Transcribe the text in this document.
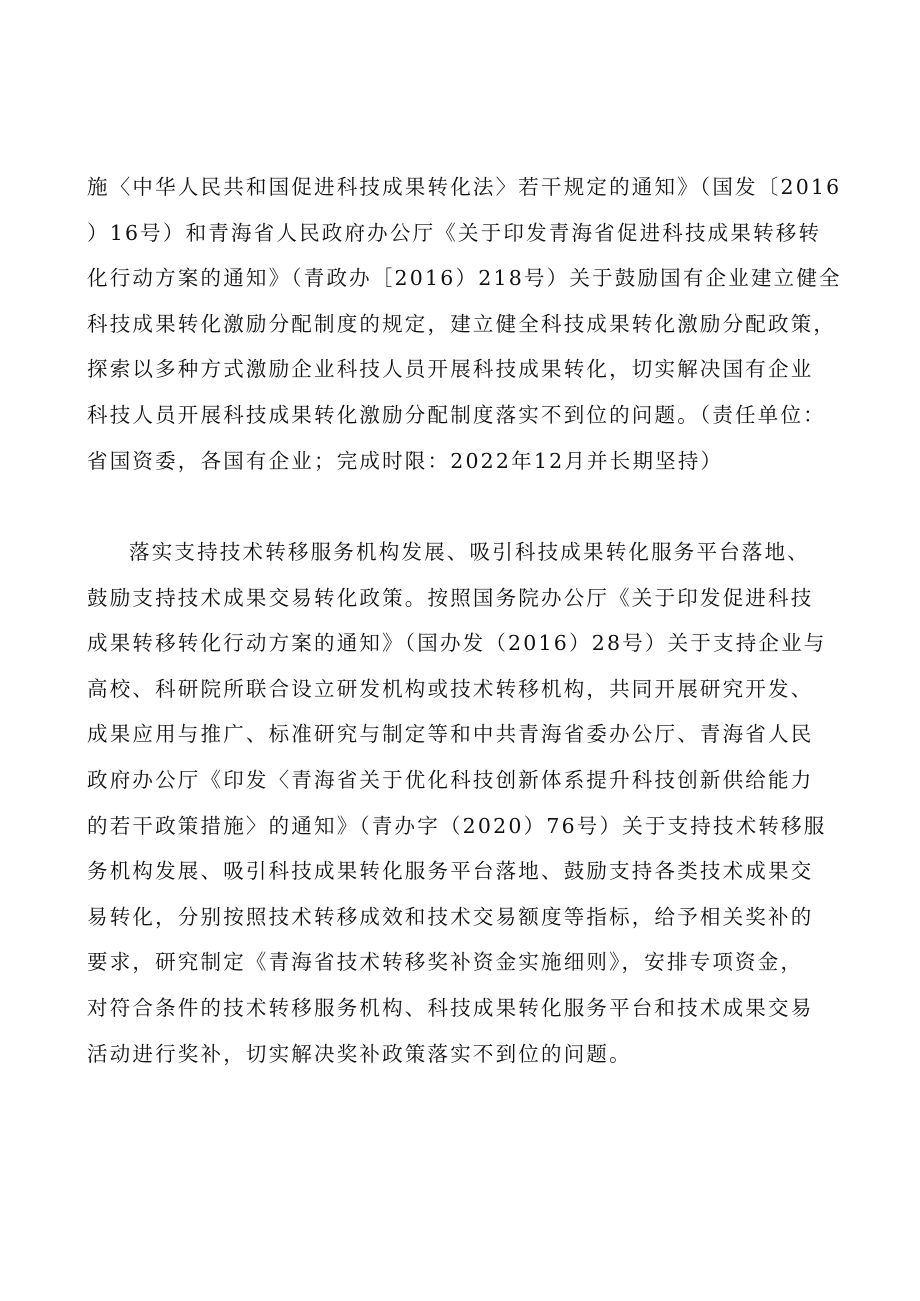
施〈中华人民共和国促进科技成果转化法〉若干规定的通知》（国发〔2016
）16号）和青海省人民政府办公厅《关于印发青海省促进科技成果转移转
化行动方案的通知》（青政办［2016）218号）关于鼓励国有企业建立健全
科技成果转化激励分配制度的规定，建立健全科技成果转化激励分配政策，
探索以多种方式激励企业科技人员开展科技成果转化，切实解决国有企业
科技人员开展科技成果转化激励分配制度落实不到位的问题。（责任单位：
省国资委，各国有企业；完成时限：2022年12月并长期坚持）
落实支持技术转移服务机构发展、吸引科技成果转化服务平台落地、
鼓励支持技术成果交易转化政策。按照国务院办公厅《关于印发促进科技
成果转移转化行动方案的通知》（国办发（2016）28号）关于支持企业与
高校、科研院所联合设立研发机构或技术转移机构，共同开展研究开发、
成果应用与推广、标准研究与制定等和中共青海省委办公厅、青海省人民
政府办公厅《印发〈青海省关于优化科技创新体系提升科技创新供给能力
的若干政策措施〉的通知》（青办字（2020）76号）关于支持技术转移服
务机构发展、吸引科技成果转化服务平台落地、鼓励支持各类技术成果交
易转化，分别按照技术转移成效和技术交易额度等指标，给予相关奖补的
要求，研究制定《青海省技术转移奖补资金实施细则》，安排专项资金，
对符合条件的技术转移服务机构、科技成果转化服务平台和技术成果交易
活动进行奖补，切实解决奖补政策落实不到位的问题。
